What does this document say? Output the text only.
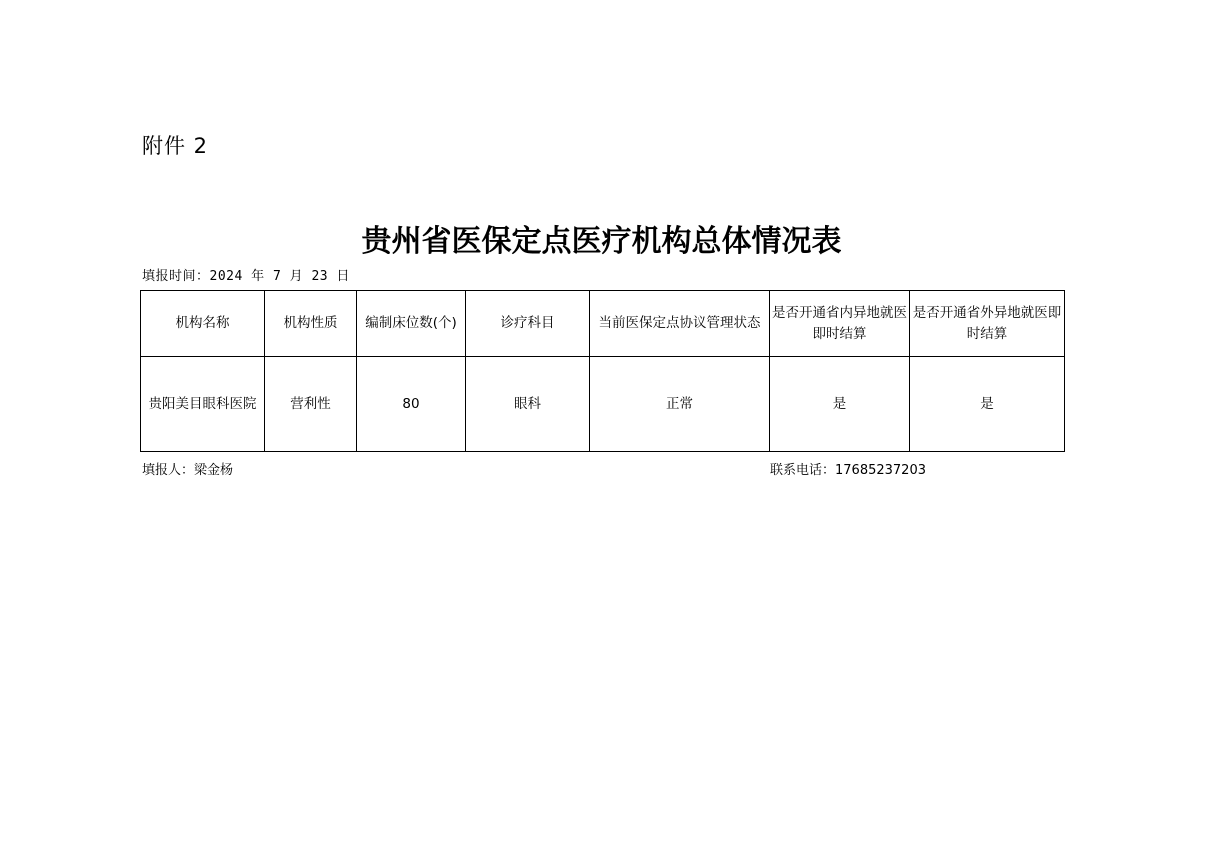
附件 2
贵州省医保定点医疗机构总体情况表
填报时间：2024 年 7 月 23 日
机构名称	机构性质	编制床位数(个)	诊疗科目	当前医保定点协议管理状态	是否开通省内异地就医即时结算	是否开通省外异地就医即时结算
贵阳美目眼科医院	营利性	80	眼科	正常	是	是
填报人：梁金杨	联系电话：17685237203
